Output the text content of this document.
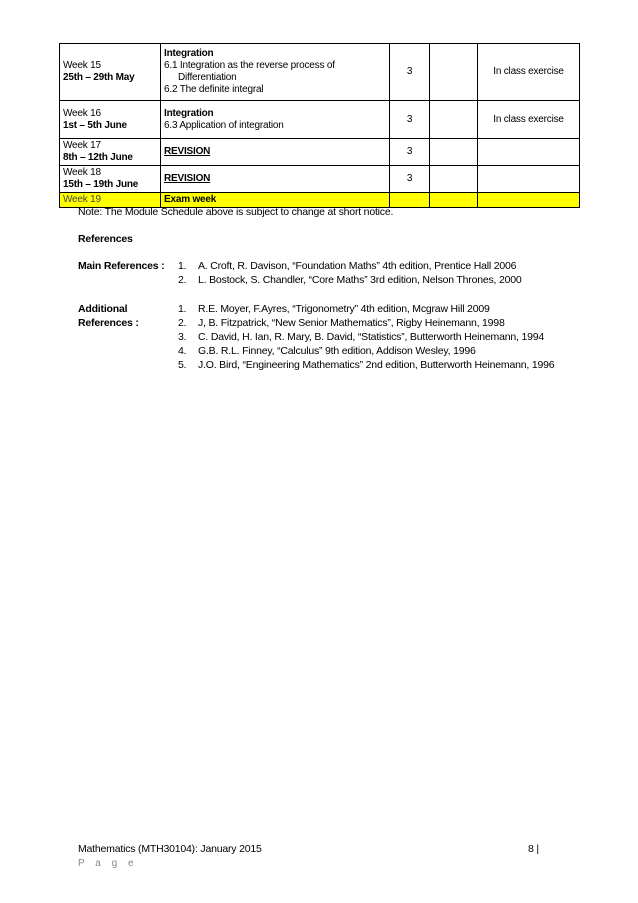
Week 15
25th – 29th May	Integration
6.1 Integration as the reverse process of
Differentiation
6.2 The definite integral	3		In class exercise

Week 16
1st – 5th June	Integration
6.3 Application of integration	3		In class exercise

Week 17
8th – 12th June	REVISION	3		

Week 18
15th – 19th June	REVISION	3		

Week 19	Exam week			

Note: The Module Schedule above is subject to change at short notice.
References
Main References : 1. A. Croft, R. Davison, “Foundation Maths” 4th edition, Prentice Hall 2006
2. L. Bostock, S. Chandler, “Core Maths” 3rd edition, Nelson Thrones, 2000
Additional
References :
1. R.E. Moyer, F.Ayres, “Trigonometry” 4th edition, Mcgraw Hill 2009
2. J, B. Fitzpatrick, “New Senior Mathematics”, Rigby Heinemann, 1998
3. C. David, H. Ian, R. Mary, B. David, “Statistics”, Butterworth Heinemann, 1994
4. G.B. R.L. Finney, “Calculus” 9th edition, Addison Wesley, 1996
5. J.O. Bird, “Engineering Mathematics” 2nd edition, Butterworth Heinemann, 1996
Mathematics (MTH30104): January 2015	8 |
P a g e
